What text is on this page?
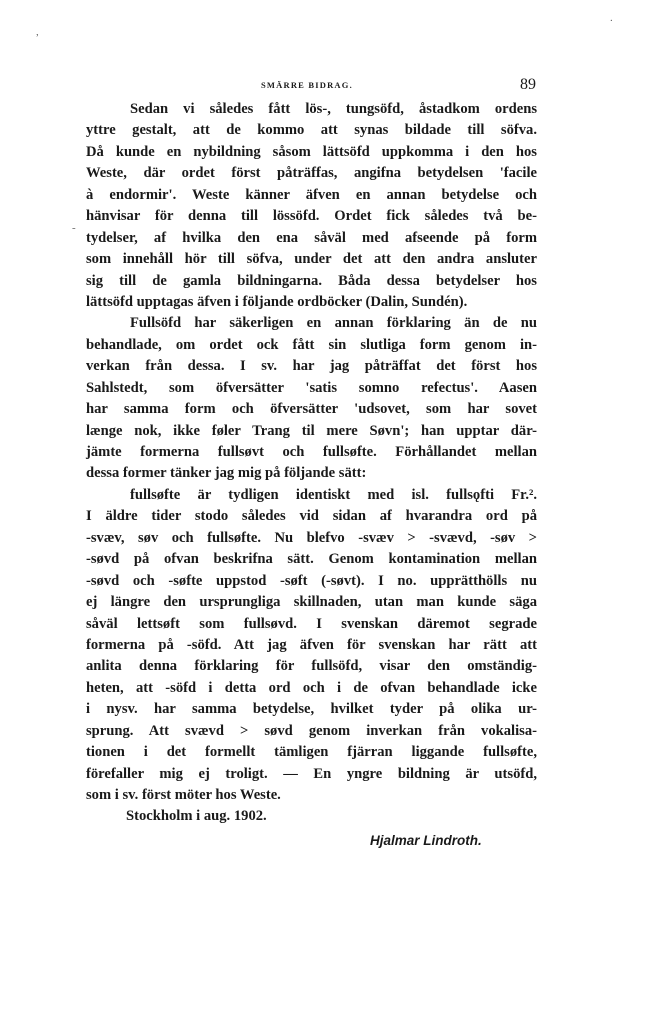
,
.
-
SMÄRRE BIDRAG.	89
Sedan vi således fått lös-, tungsöfd, åstadkom ordens
yttre gestalt, att de kommo att synas bildade till söfva.
Då kunde en nybildning såsom lättsöfd uppkomma i den hos
Weste, där ordet först påträffas, angifna betydelsen 'facile
à endormir'. Weste känner äfven en annan betydelse och
hänvisar för denna till lössöfd. Ordet fick således två be-
tydelser, af hvilka den ena såväl med afseende på form
som innehåll hör till söfva, under det att den andra ansluter
sig till de gamla bildningarna. Båda dessa betydelser hos
lättsöfd upptagas äfven i följande ordböcker (Dalin, Sundén).
Fullsöfd har säkerligen en annan förklaring än de nu
behandlade, om ordet ock fått sin slutliga form genom in-
verkan från dessa. I sv. har jag påträffat det först hos
Sahlstedt, som öfversätter 'satis somno refectus'. Aasen
har samma form och öfversätter 'udsovet, som har sovet
længe nok, ikke føler Trang til mere Søvn'; han upptar där-
jämte formerna fullsøvt och fullsøfte. Förhållandet mellan
dessa former tänker jag mig på följande sätt:
fullsøfte är tydligen identiskt med isl. fullsǫfti Fr.².
I äldre tider stodo således vid sidan af hvarandra ord på
-svæv, søv och fullsøfte. Nu blefvo -svæv > -svævd, -søv >
-søvd på ofvan beskrifna sätt. Genom kontamination mellan
-søvd och -søfte uppstod -søft (-søvt). I no. upprätthölls nu
ej längre den ursprungliga skillnaden, utan man kunde säga
såväl lettsøft som fullsøvd. I svenskan däremot segrade
formerna på -söfd. Att jag äfven för svenskan har rätt att
anlita denna förklaring för fullsöfd, visar den omständig-
heten, att -söfd i detta ord och i de ofvan behandlade icke
i nysv. har samma betydelse, hvilket tyder på olika ur-
sprung. Att svævd > søvd genom inverkan från vokalisa-
tionen i det formellt tämligen fjärran liggande fullsøfte,
förefaller mig ej troligt. — En yngre bildning är utsöfd,
som i sv. först möter hos Weste.
Stockholm i aug. 1902.
Hjalmar Lindroth.
